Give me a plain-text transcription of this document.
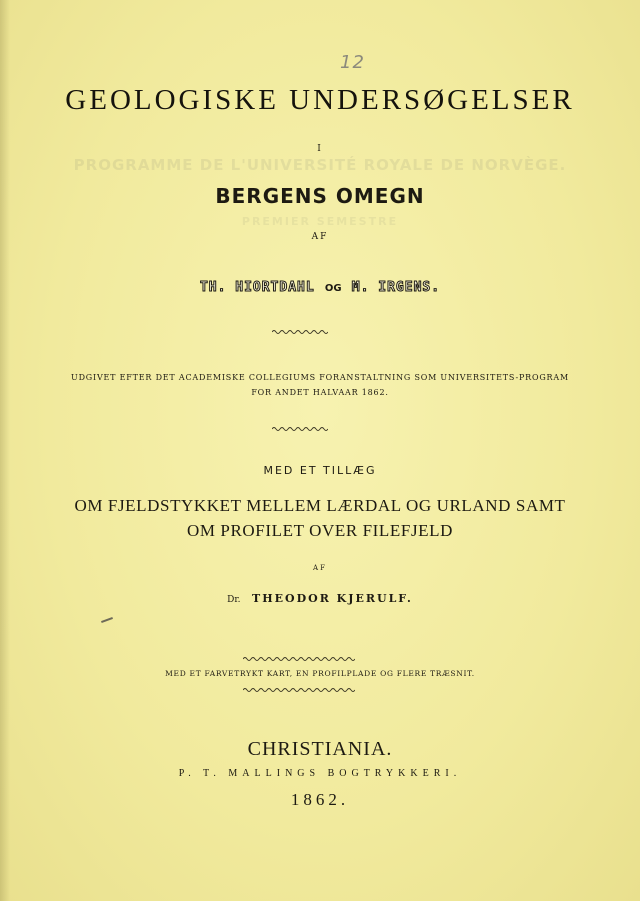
12
GEOLOGISKE UNDERSØGELSER
I
PROGRAMME DE L'UNIVERSITÉ ROYALE DE NORVÈGE.
PREMIER SEMESTRE
BERGENS OMEGN
AF
TH. HIORTDAHL OG M. IRGENS.
UDGIVET EFTER DET ACADEMISKE COLLEGIUMS FORANSTALTNING SOM UNIVERSITETS-PROGRAM
FOR ANDET HALVAAR 1862.
MED ET TILLÆG
OM FJELDSTYKKET MELLEM LÆRDAL OG URLAND SAMT
OM PROFILET OVER FILEFJELD
AF
Dr. THEODOR KJERULF.
MED ET FARVETRYKT KART, EN PROFILPLADE OG FLERE TRÆSNIT.
CHRISTIANIA.
P. T. MALLINGS BOGTRYKKERI.
1862.
